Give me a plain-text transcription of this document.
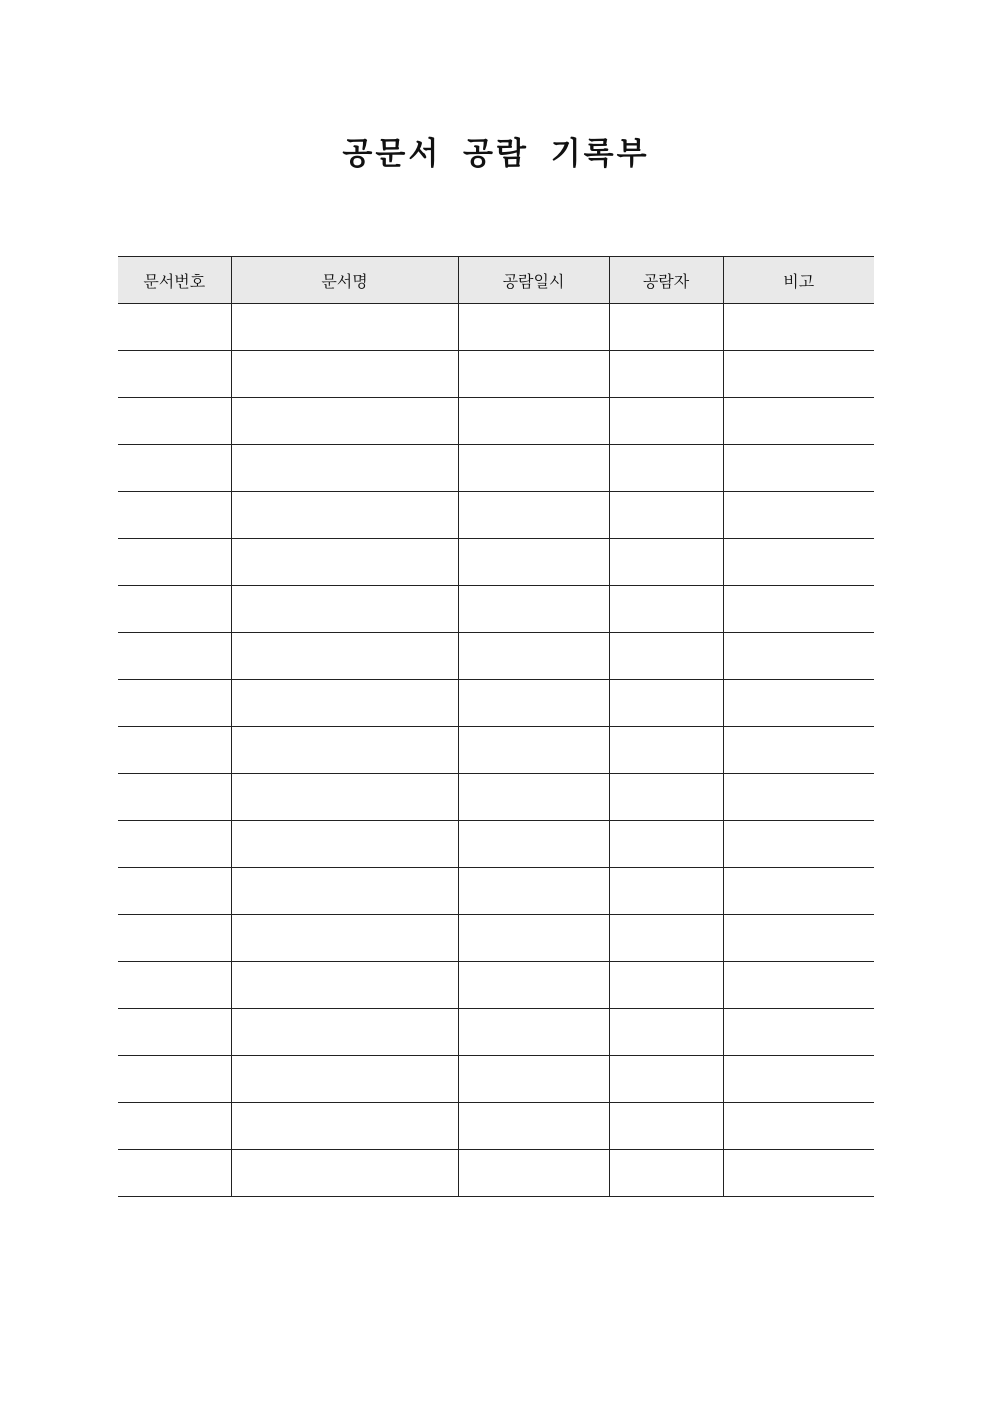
공문서 공람 기록부
문서번호	문서명	공람일시	공람자	비고
